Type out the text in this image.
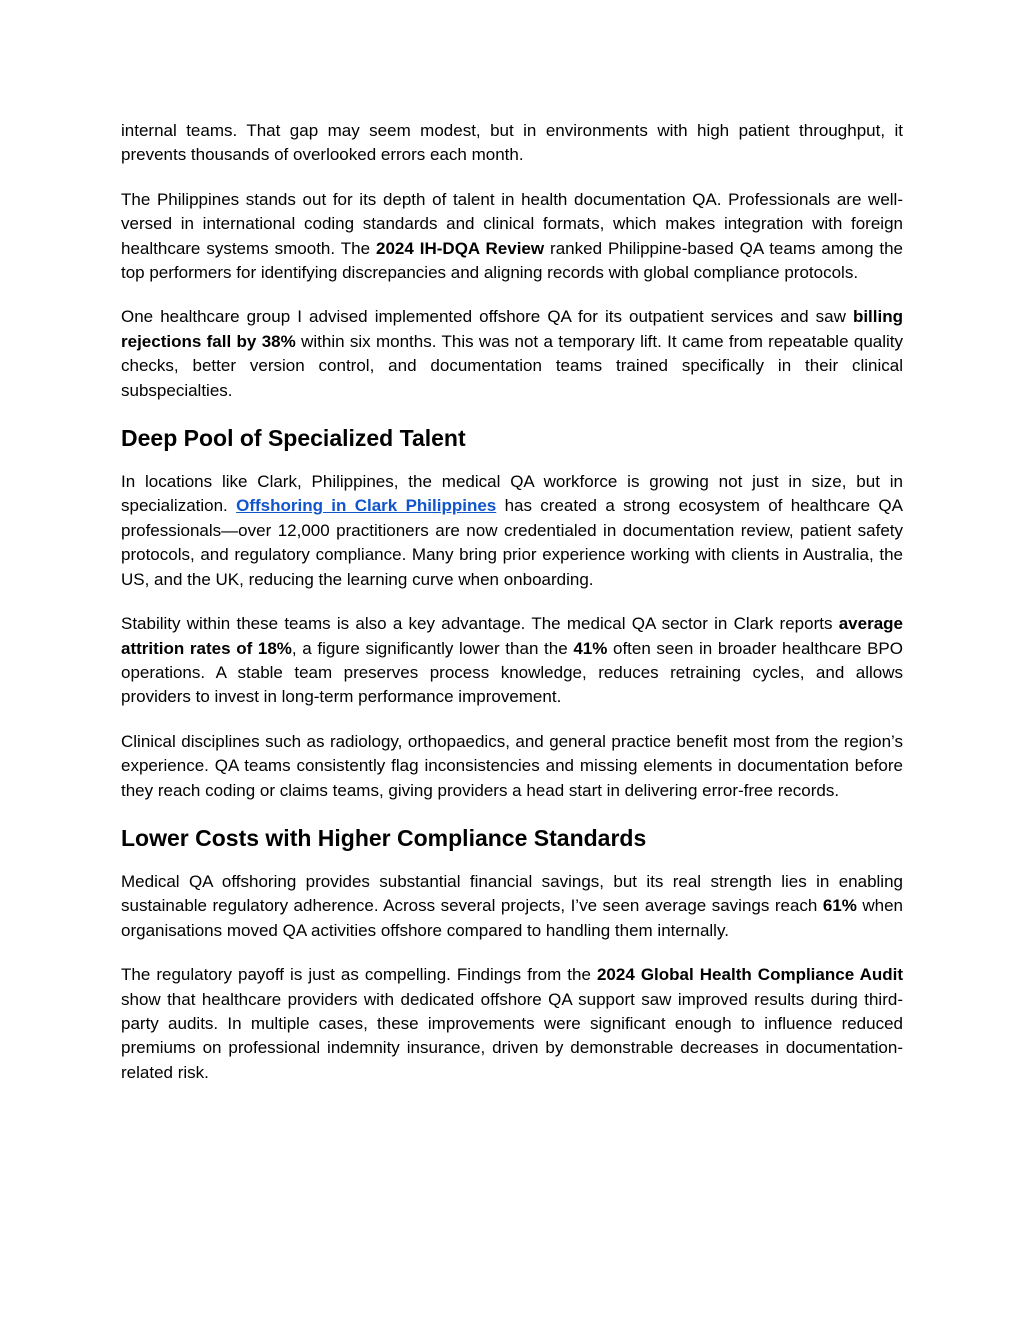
internal teams. That gap may seem modest, but in environments with high patient throughput, it prevents thousands of overlooked errors each month.

The Philippines stands out for its depth of talent in health documentation QA. Professionals are well-versed in international coding standards and clinical formats, which makes integration with foreign healthcare systems smooth. The 2024 IH-DQA Review ranked Philippine-based QA teams among the top performers for identifying discrepancies and aligning records with global compliance protocols.

One healthcare group I advised implemented offshore QA for its outpatient services and saw billing rejections fall by 38% within six months. This was not a temporary lift. It came from repeatable quality checks, better version control, and documentation teams trained specifically in their clinical subspecialties.

Deep Pool of Specialized Talent

In locations like Clark, Philippines, the medical QA workforce is growing not just in size, but in specialization. Offshoring in Clark Philippines has created a strong ecosystem of healthcare QA professionals—over 12,000 practitioners are now credentialed in documentation review, patient safety protocols, and regulatory compliance. Many bring prior experience working with clients in Australia, the US, and the UK, reducing the learning curve when onboarding.

Stability within these teams is also a key advantage. The medical QA sector in Clark reports average attrition rates of 18%, a figure significantly lower than the 41% often seen in broader healthcare BPO operations. A stable team preserves process knowledge, reduces retraining cycles, and allows providers to invest in long-term performance improvement.

Clinical disciplines such as radiology, orthopaedics, and general practice benefit most from the region’s experience. QA teams consistently flag inconsistencies and missing elements in documentation before they reach coding or claims teams, giving providers a head start in delivering error-free records.

Lower Costs with Higher Compliance Standards

Medical QA offshoring provides substantial financial savings, but its real strength lies in enabling sustainable regulatory adherence. Across several projects, I’ve seen average savings reach 61% when organisations moved QA activities offshore compared to handling them internally.

The regulatory payoff is just as compelling. Findings from the 2024 Global Health Compliance Audit show that healthcare providers with dedicated offshore QA support saw improved results during third-party audits. In multiple cases, these improvements were significant enough to influence reduced premiums on professional indemnity insurance, driven by demonstrable decreases in documentation-related risk.
